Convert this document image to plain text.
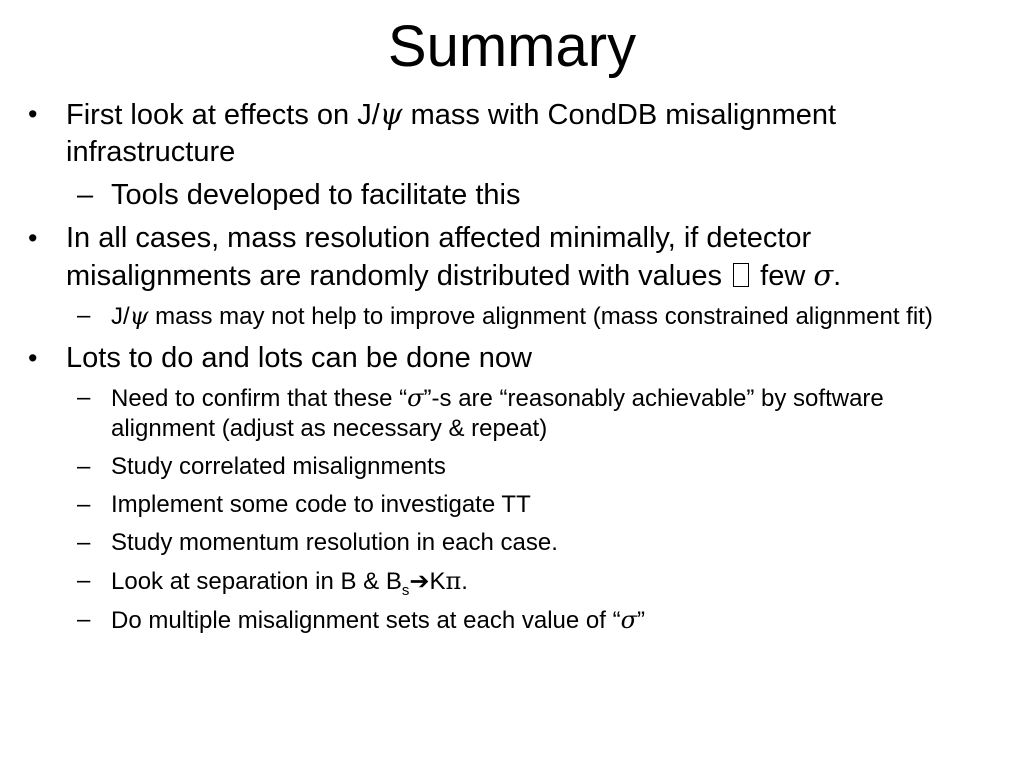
Summary
• First look at effects on J/ψ mass with CondDB misalignment infrastructure
– Tools developed to facilitate this
• In all cases, mass resolution affected minimally, if detector misalignments are randomly distributed with values  few σ.
– J/ψ mass may not help to improve alignment (mass constrained alignment fit)
• Lots to do and lots can be done now
– Need to confirm that these “σ”-s are “reasonably achievable” by software alignment (adjust as necessary & repeat)
– Study correlated misalignments
– Implement some code to investigate TT
– Study momentum resolution in each case.
– Look at separation in B & $B_s➔K\pi$.
– Do multiple misalignment sets at each value of “σ”
